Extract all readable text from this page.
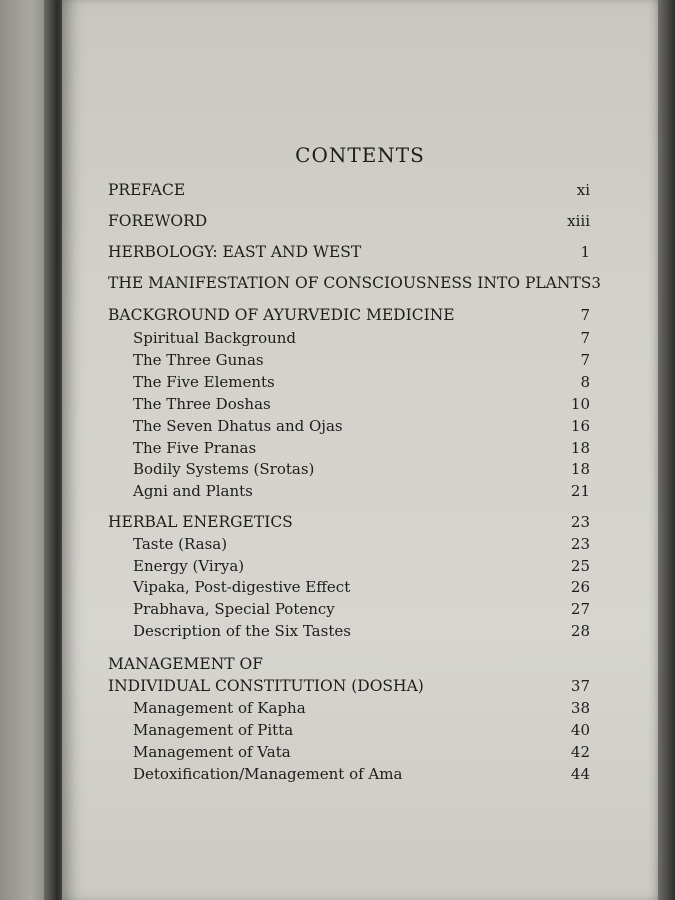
CONTENTS
PREFACE	xi
FOREWORD	xiii
HERBOLOGY: EAST AND WEST	1
THE MANIFESTATION OF CONSCIOUSNESS INTO PLANTS 3
BACKGROUND OF AYURVEDIC MEDICINE	7
Spiritual Background	7
The Three Gunas	7
The Five Elements	8
The Three Doshas	10
The Seven Dhatus and Ojas	16
The Five Pranas	18
Bodily Systems (Srotas)	18
Agni and Plants	21
HERBAL ENERGETICS	23
Taste (Rasa)	23
Energy (Virya)	25
Vipaka, Post-digestive Effect	26
Prabhava, Special Potency	27
Description of the Six Tastes	28
MANAGEMENT OF
INDIVIDUAL CONSTITUTION (DOSHA)	37
Management of Kapha	38
Management of Pitta	40
Management of Vata	42
Detoxification/Management of Ama	44
